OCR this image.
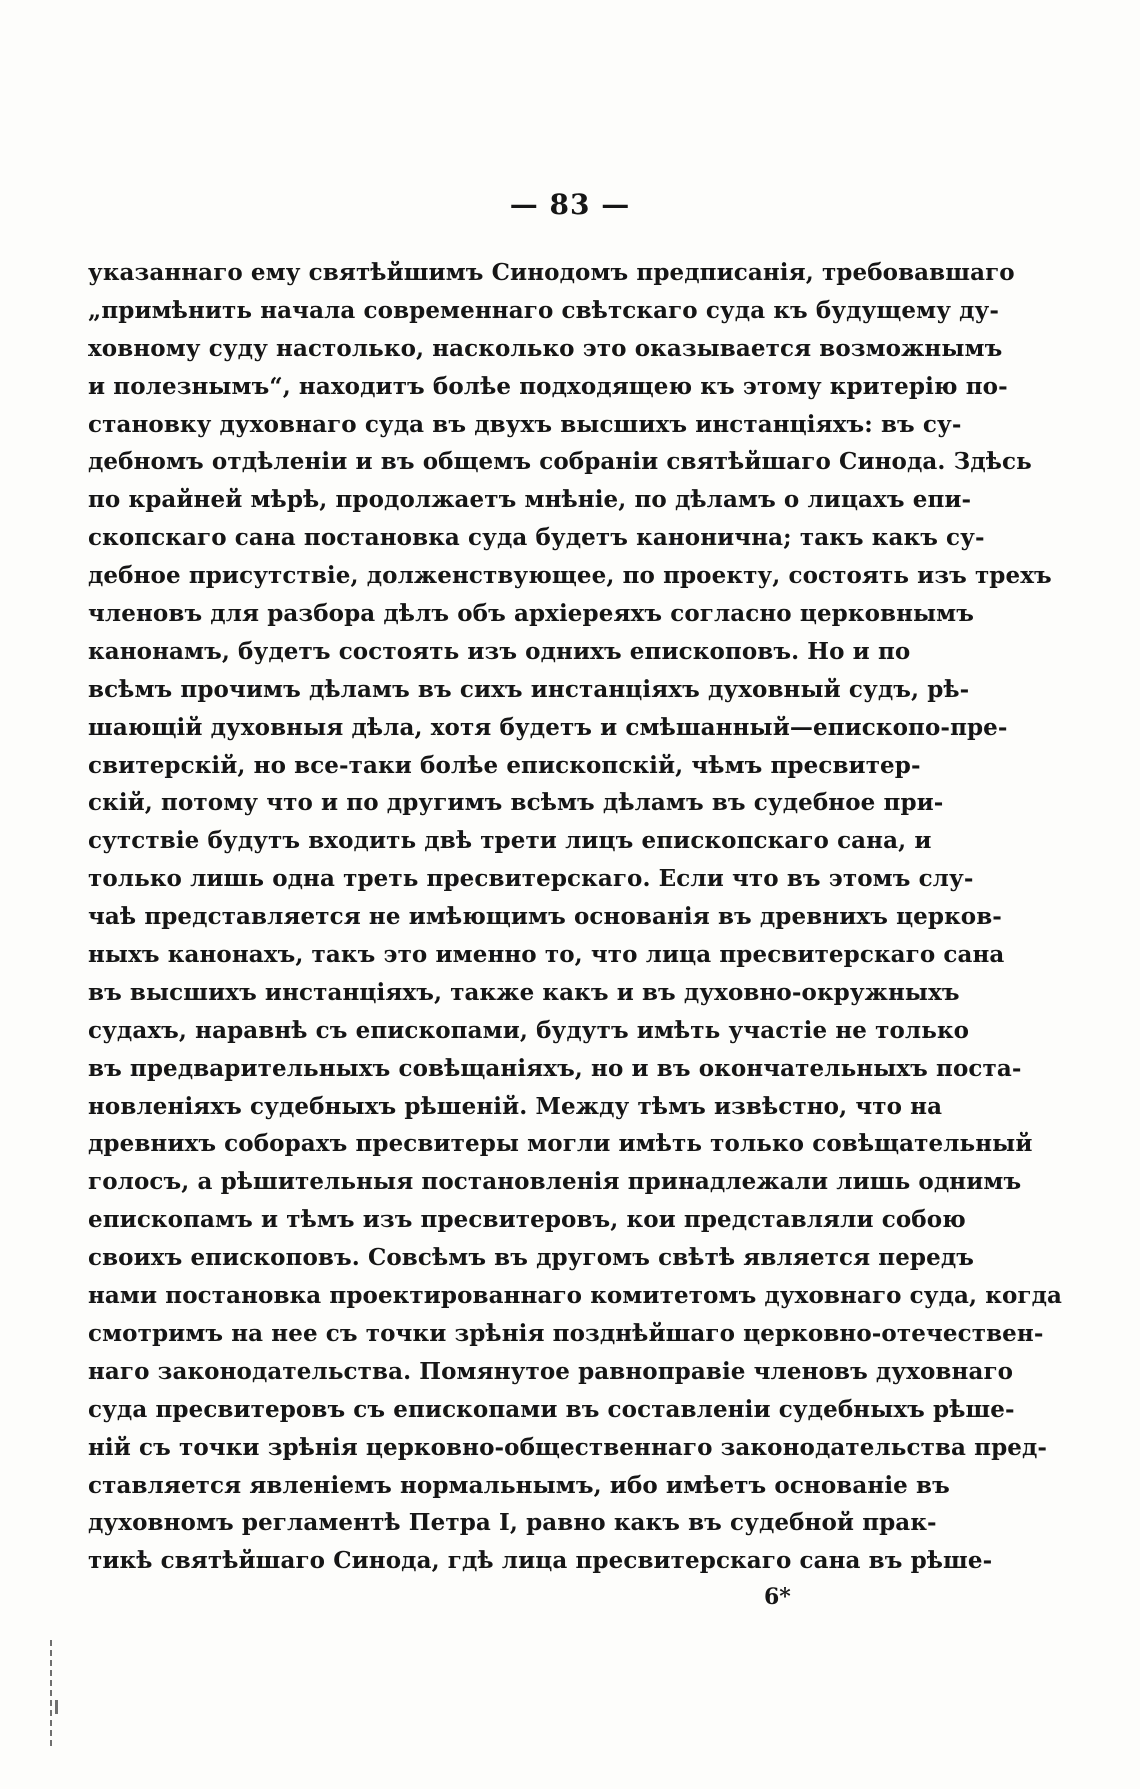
— 83 —
указаннаго ему святѣйшимъ Синодомъ предписанія, требовавшаго
„примѣнить начала современнаго свѣтскаго суда къ будущему ду-
ховному суду настолько, насколько это оказывается возможнымъ
и полезнымъ“, находитъ болѣе подходящею къ этому критерію по-
становку духовнаго суда въ двухъ высшихъ инстанціяхъ: въ су-
дебномъ отдѣленіи и въ общемъ собраніи святѣйшаго Синода. Здѣсь
по крайней мѣрѣ, продолжаетъ мнѣніе, по дѣламъ о лицахъ епи-
скопскаго сана постановка суда будетъ канонична; такъ какъ су-
дебное присутствіе, долженствующее, по проекту, состоять изъ трехъ
членовъ для разбора дѣлъ объ архіереяхъ согласно церковнымъ
канонамъ, будетъ состоять изъ однихъ епископовъ. Но и по
всѣмъ прочимъ дѣламъ въ сихъ инстанціяхъ духовный судъ, рѣ-
шающій духовныя дѣла, хотя будетъ и смѣшанный—епископо-пре-
свитерскій, но все-таки болѣе епископскій, чѣмъ пресвитер-
скій, потому что и по другимъ всѣмъ дѣламъ въ судебное при-
сутствіе будутъ входить двѣ трети лицъ епископскаго сана, и
только лишь одна треть пресвитерскаго. Если что въ этомъ слу-
чаѣ представляется не имѣющимъ основанія въ древнихъ церков-
ныхъ канонахъ, такъ это именно то, что лица пресвитерскаго сана
въ высшихъ инстанціяхъ, также какъ и въ духовно-окружныхъ
судахъ, наравнѣ съ епископами, будутъ имѣть участіе не только
въ предварительныхъ совѣщаніяхъ, но и въ окончательныхъ поста-
новленіяхъ судебныхъ рѣшеній. Между тѣмъ извѣстно, что на
древнихъ соборахъ пресвитеры могли имѣть только совѣщательный
голосъ, а рѣшительныя постановленія принадлежали лишь однимъ
епископамъ и тѣмъ изъ пресвитеровъ, кои представляли собою
своихъ епископовъ. Совсѣмъ въ другомъ свѣтѣ является передъ
нами постановка проектированнаго комитетомъ духовнаго суда, когда
смотримъ на нее съ точки зрѣнія позднѣйшаго церковно-отечествен-
наго законодательства. Помянутое равноправіе членовъ духовнаго
суда пресвитеровъ съ епископами въ составленіи судебныхъ рѣше-
ній съ точки зрѣнія церковно-общественнаго законодательства пред-
ставляется явленіемъ нормальнымъ, ибо имѣетъ основаніе въ
духовномъ регламентѣ Петра I, равно какъ въ судебной прак-
тикѣ святѣйшаго Синода, гдѣ лица пресвитерскаго сана въ рѣше-
6*
